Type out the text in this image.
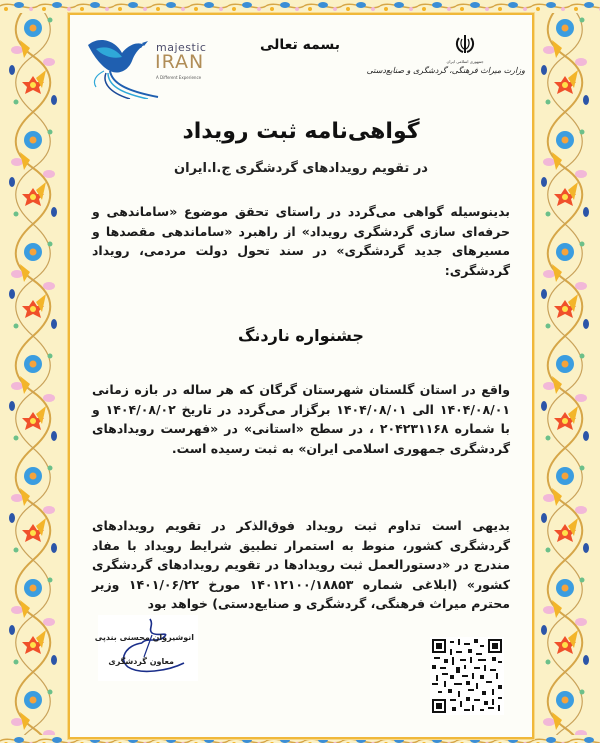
majestic
IRAN
A Different Experience
بسمه تعالی
جمهوری اسلامی ایران
وزارت میراث فرهنگی، گردشگری و صنایع‌دستی
گواهی‌نامه ثبت رویداد
در تقویم رویدادهای گردشگری ج.ا.ایران
بدینوسیله گواهی می‌گردد در راستای تحقق موضوع «ساماندهی و حرفه‌ای سازی گردشگری رویداد» از راهبرد «ساماندهی مقصدها و مسیرهای جدید گردشگری» در سند تحول دولت مردمی، رویداد گردشگری:
جشنواره ناردنگ
واقع در استان گلستان شهرستان گرگان که هر ساله در بازه زمانی ۱۴۰۴/۰۸/۰۱ الی ۱۴۰۴/۰۸/۰۱ برگزار می‌گردد در تاریخ ۱۴۰۴/۰۸/۰۲ و با شماره ۲۰۴۲۳۱۱۶۸ ، در سطح «استانی» در «فهرست رویدادهای گردشگری جمهوری اسلامی ایران» به ثبت رسیده است.
بدیهی است تداوم ثبت رویداد فوق‌الذکر در تقویم رویدادهای گردشگری کشور، منوط به استمرار تطبیق شرایط رویداد با مفاد مندرج در «دستورالعمل ثبت رویدادها در تقویم رویدادهای گردشگری کشور» (ابلاغی شماره ۱۴۰۱۲۱۰۰/۱۸۸۵۳ مورخ ۱۴۰۱/۰۶/۲۲ وزیر محترم میراث فرهنگی، گردشگری و صنایع‌دستی) خواهد بود
انوشیروان محسنی بندپی
معاون گردشگری
